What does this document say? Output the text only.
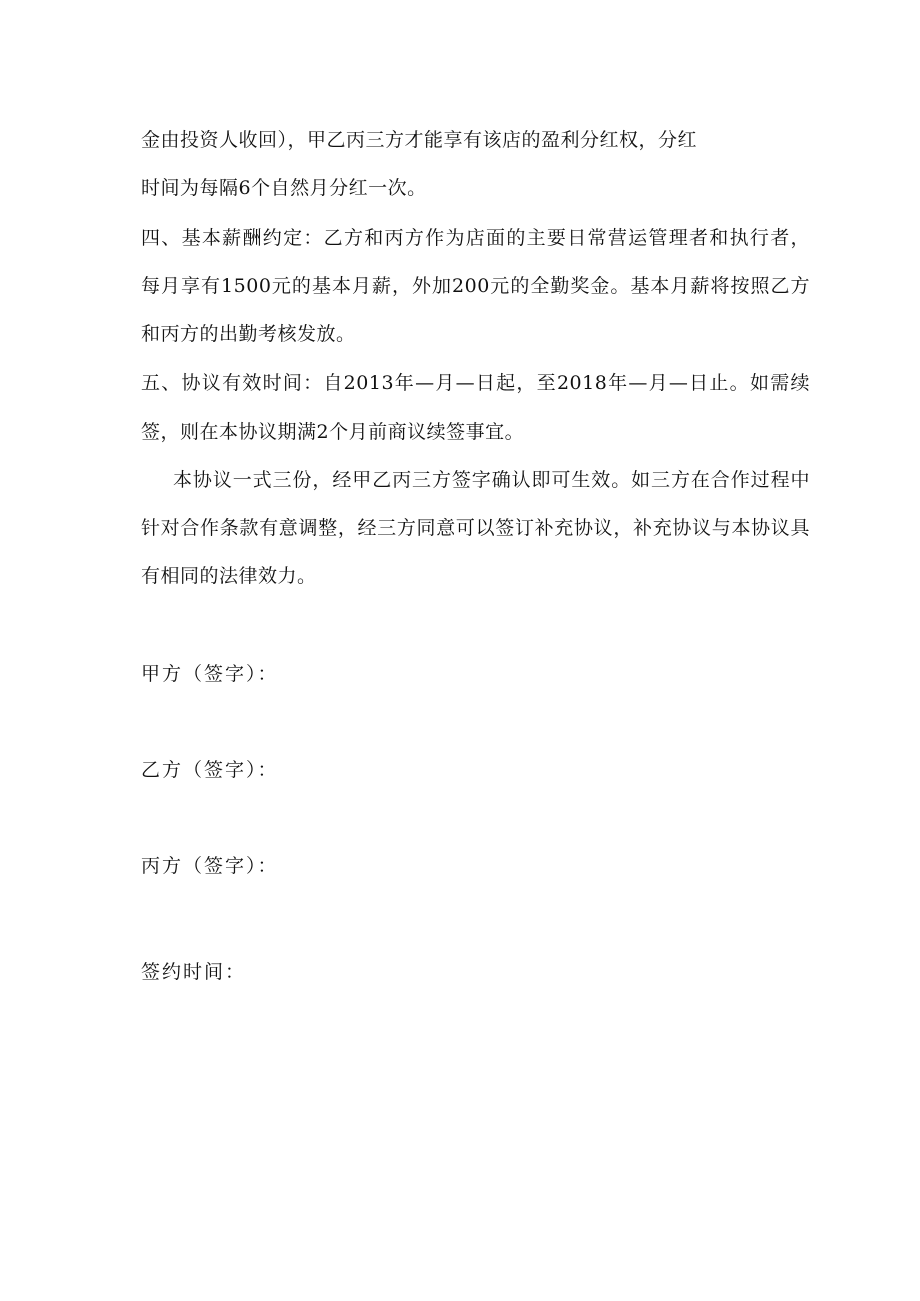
金由投资人收回），甲乙丙三方才能享有该店的盈利分红权，分红
时间为每隔6个自然月分红一次。
四、基本薪酬约定：乙方和丙方作为店面的主要日常营运管理者和执行者，
每月享有1500元的基本月薪，外加200元的全勤奖金。基本月薪将按照乙方
和丙方的出勤考核发放。
五、协议有效时间：自2013年—月—日起，至2018年—月—日止。如需续
签，则在本协议期满2个月前商议续签事宜。
本协议一式三份，经甲乙丙三方签字确认即可生效。如三方在合作过程中
针对合作条款有意调整，经三方同意可以签订补充协议，补充协议与本协议具
有相同的法律效力。
甲方（签字）：
乙方（签字）：
丙方（签字）：
签约时间：
